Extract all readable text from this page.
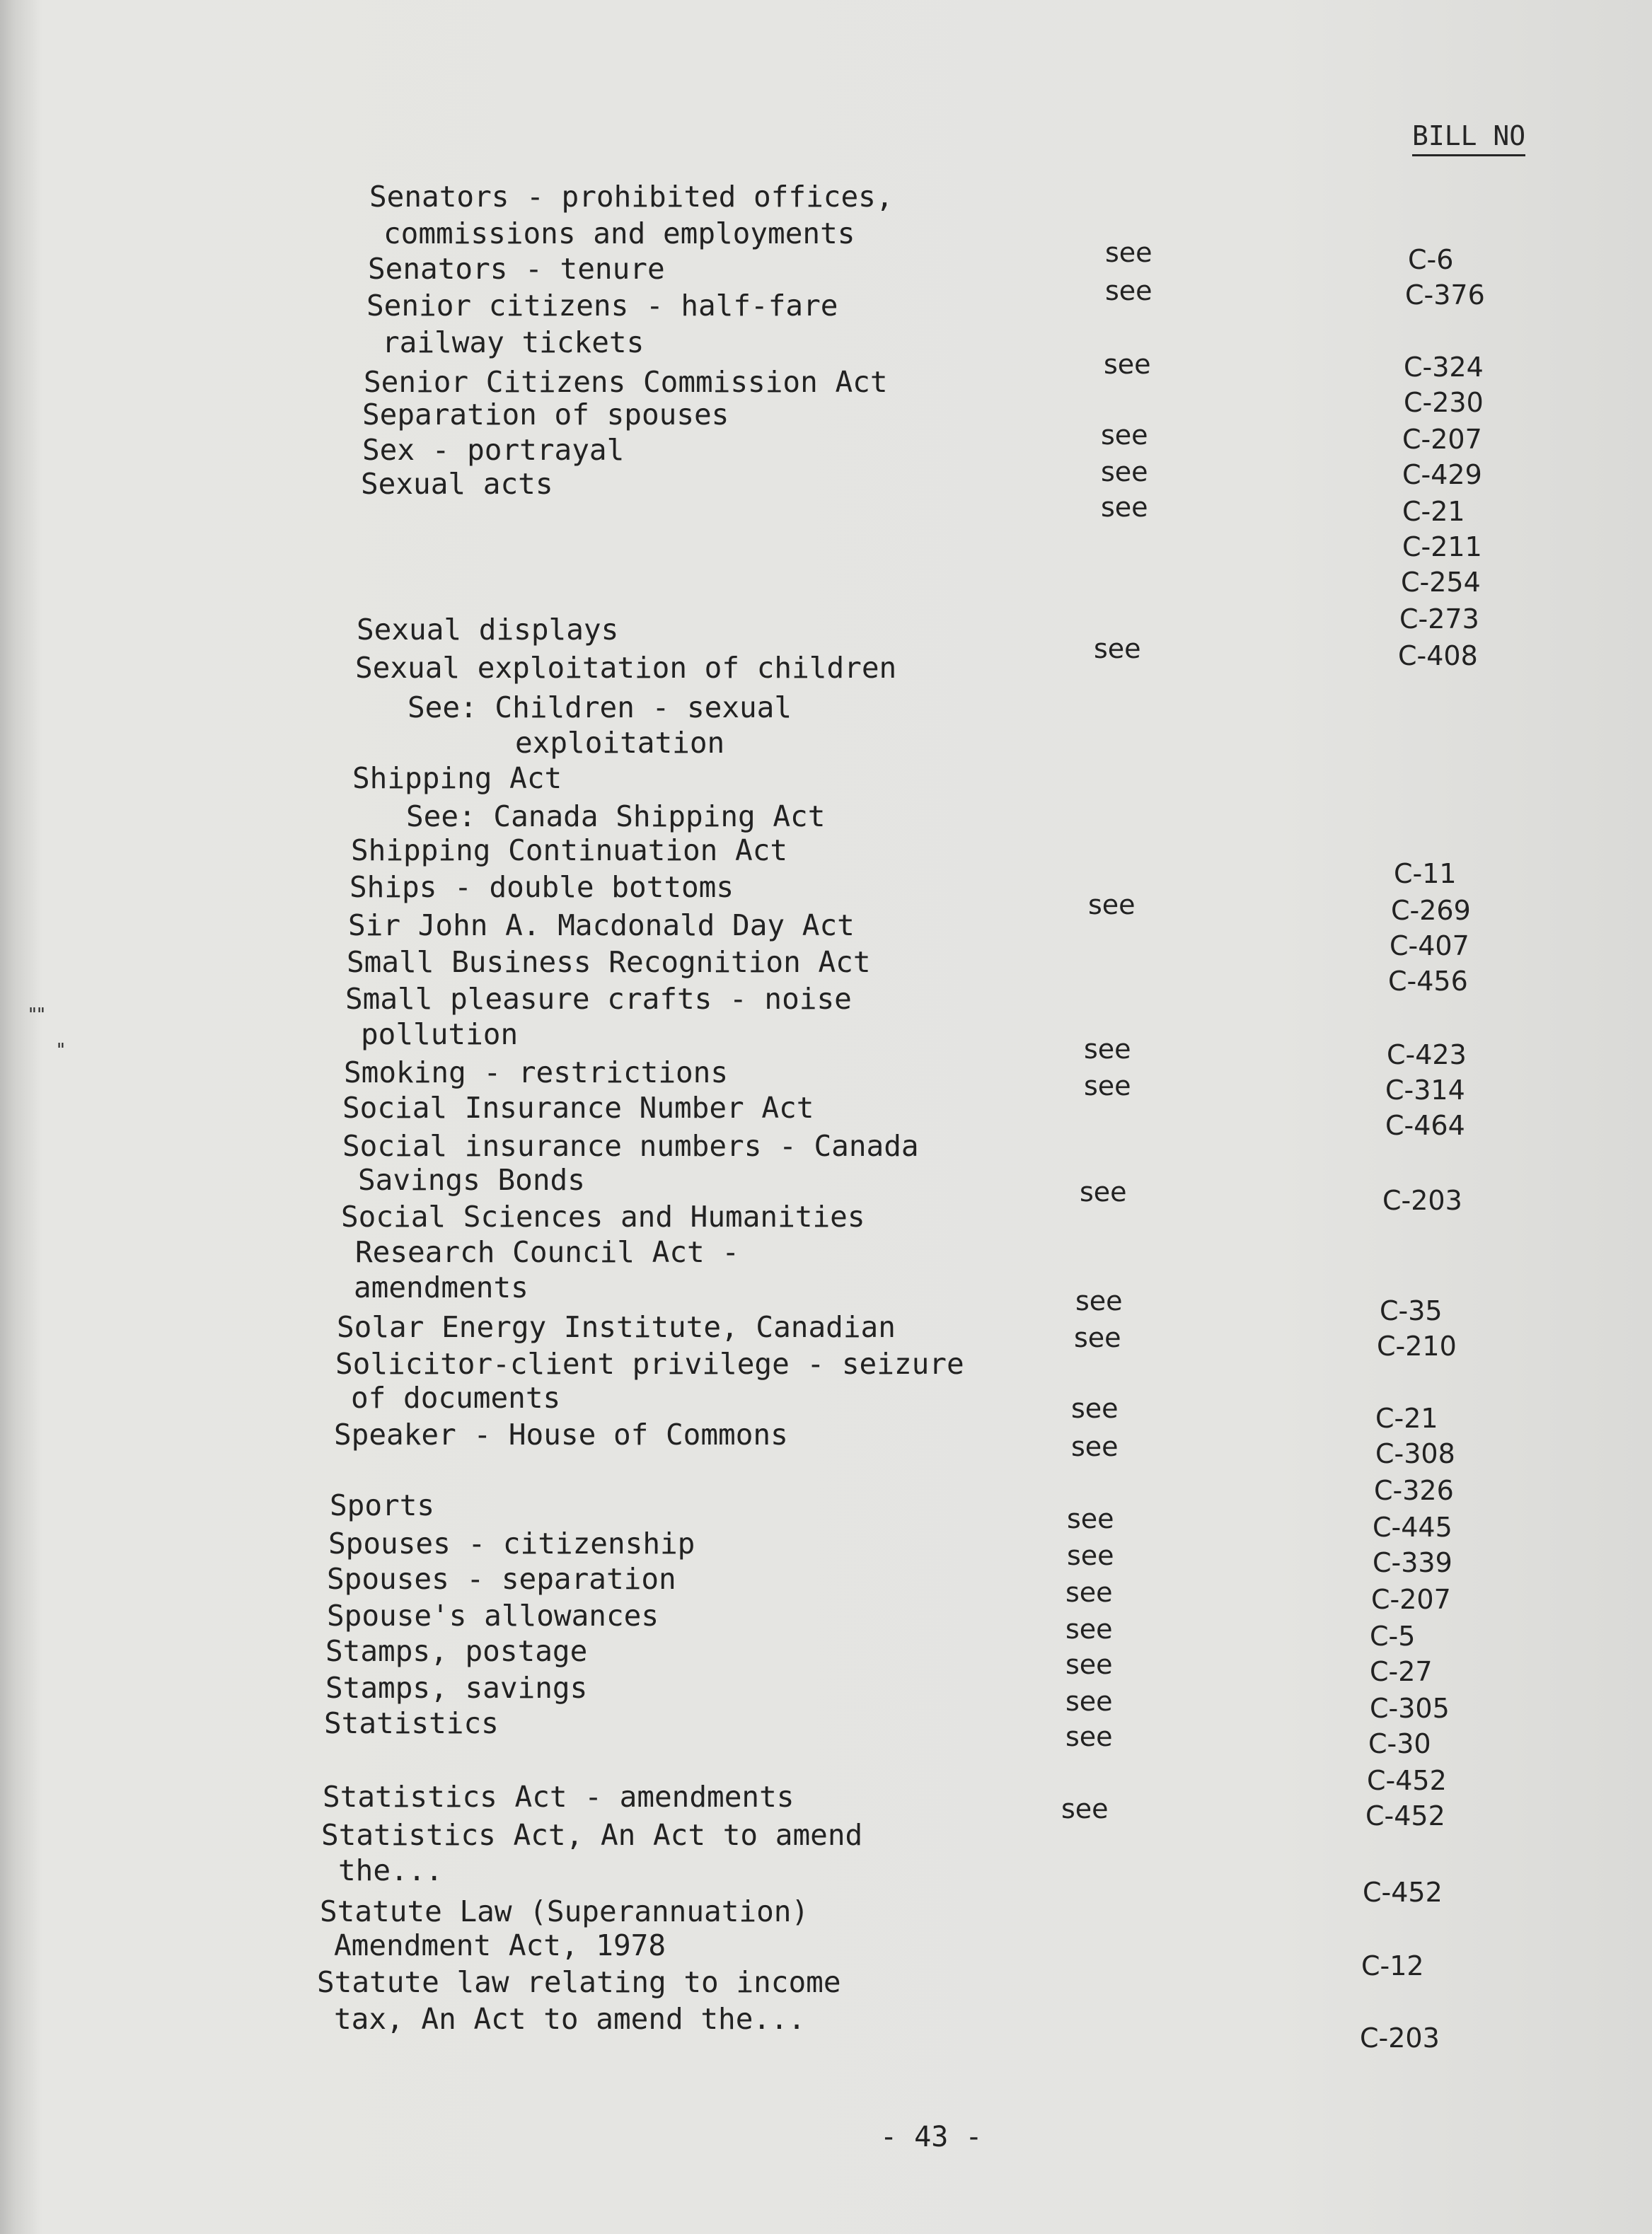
""
"
BILL NO
Senators - prohibited offices,
commissions and employments
Senators - tenure
Senior citizens - half-fare
railway tickets
Senior Citizens Commission Act
Separation of spouses
Sex - portrayal
Sexual acts
Sexual displays
Sexual exploitation of children
See: Children - sexual
exploitation
Shipping Act
See: Canada Shipping Act
Shipping Continuation Act
Ships - double bottoms
Sir John A. Macdonald Day Act
Small Business Recognition Act
Small pleasure crafts - noise
pollution
Smoking - restrictions
Social Insurance Number Act
Social insurance numbers - Canada
Savings Bonds
Social Sciences and Humanities
Research Council Act -
amendments
Solar Energy Institute, Canadian
Solicitor-client privilege - seizure
of documents
Speaker - House of Commons
Sports
Spouses - citizenship
Spouses - separation
Spouse's allowances
Stamps, postage
Stamps, savings
Statistics
Statistics Act - amendments
Statistics Act, An Act to amend
the...
Statute Law (Superannuation)
Amendment Act, 1978
Statute law relating to income
tax, An Act to amend the...
see
see
see
see
see
see
see
see
see
see
see
see
see
see
see
see
see
see
see
see
see
see
see
C-6
C-376
C-324
C-230
C-207
C-429
C-21
C-211
C-254
C-273
C-408
C-11
C-269
C-407
C-456
C-423
C-314
C-464
C-203
C-35
C-210
C-21
C-308
C-326
C-445
C-339
C-207
C-5
C-27
C-305
C-30
C-452
C-452
C-452
C-12
C-203
- 43 -
